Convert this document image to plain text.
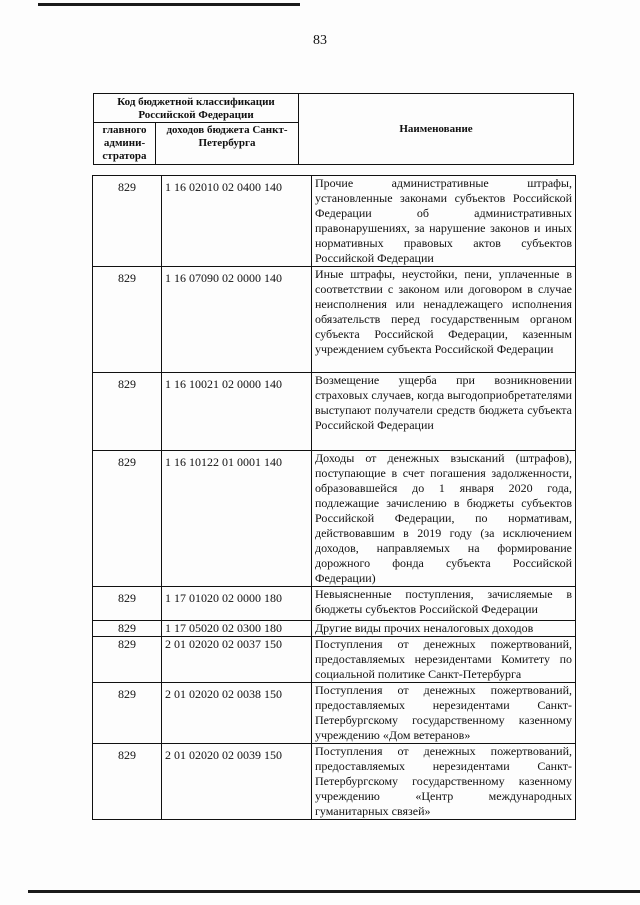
83
Код бюджетной классификации Российской Федерации
главного админи-стратора
доходов бюджета Санкт-Петербурга
Наименование
829	1 16 02010 02 0400 140	Прочие административные штрафы, установленные законами субъектов Российской Федерации об административных правонарушениях, за нарушение законов и иных нормативных правовых актов субъектов Российской Федерации
829	1 16 07090 02 0000 140	Иные штрафы, неустойки, пени, уплаченные в соответствии с законом или договором в случае неисполнения или ненадлежащего исполнения обязательств перед государственным органом субъекта Российской Федерации, казенным учреждением субъекта Российской Федерации
829	1 16 10021 02 0000 140	Возмещение ущерба при возникновении страховых случаев, когда выгодоприобретателями выступают получатели средств бюджета субъекта Российской Федерации
829	1 16 10122 01 0001 140	Доходы от денежных взысканий (штрафов), поступающие в счет погашения задолженности, образовавшейся до 1 января 2020 года, подлежащие зачислению в бюджеты субъектов Российской Федерации, по нормативам, действовавшим в 2019 году (за исключением доходов, направляемых на формирование дорожного фонда субъекта Российской Федерации)
829	1 17 01020 02 0000 180	Невыясненные поступления, зачисляемые в бюджеты субъектов Российской Федерации
829	1 17 05020 02 0300 180	Другие виды прочих неналоговых доходов
829	2 01 02020 02 0037 150	Поступления от денежных пожертвований, предоставляемых нерезидентами Комитету по социальной политике Санкт-Петербурга
829	2 01 02020 02 0038 150	Поступления от денежных пожертвований, предоставляемых нерезидентами Санкт-Петербургскому государственному казенному учреждению «Дом ветеранов»
829	2 01 02020 02 0039 150	Поступления от денежных пожертвований, предоставляемых нерезидентами Санкт-Петербургскому государственному казенному учреждению «Центр международных гуманитарных связей»
